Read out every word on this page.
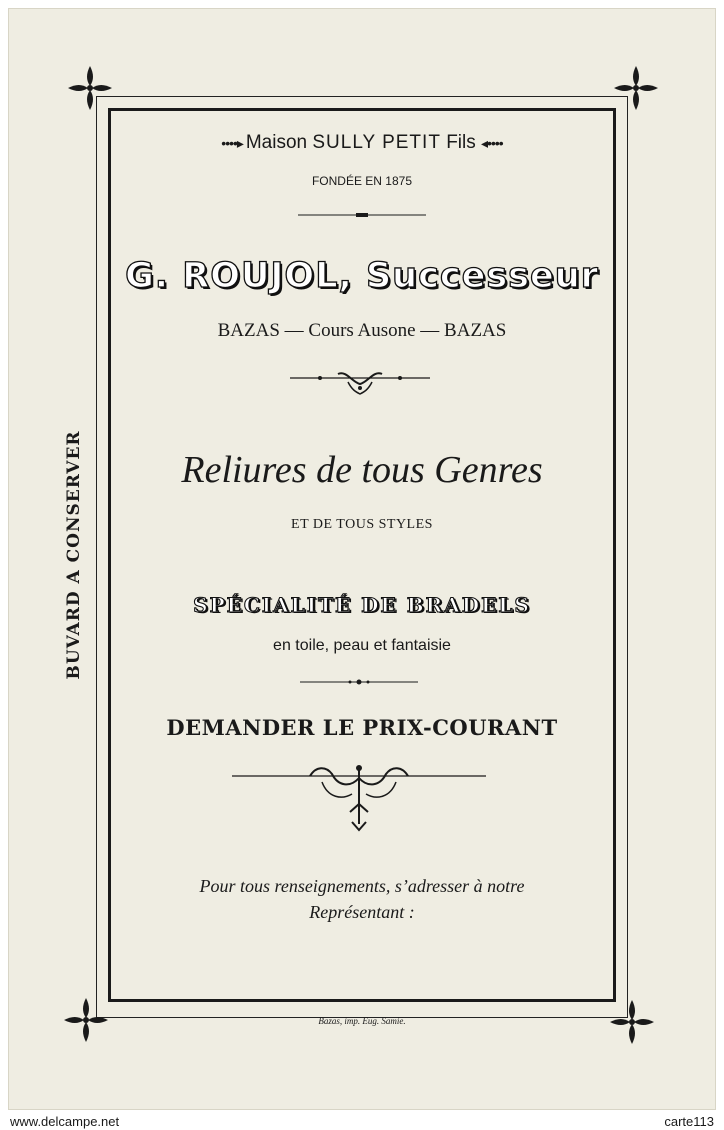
BUVARD A CONSERVER
••••▸ Maison SULLY PETIT Fils ◂••••
FONDÉE EN 1875
G. ROUJOL, Successeur
BAZAS — Cours Ausone — BAZAS
Reliures de tous Genres
ET DE TOUS STYLES
SPÉCIALITÉ DE BRADELS
en toile, peau et fantaisie
DEMANDER LE PRIX-COURANT
Pour tous renseignements, s’adresser à notre
Représentant :
Bazas, imp. Eug. Samie.
www.delcampe.net	carte113
